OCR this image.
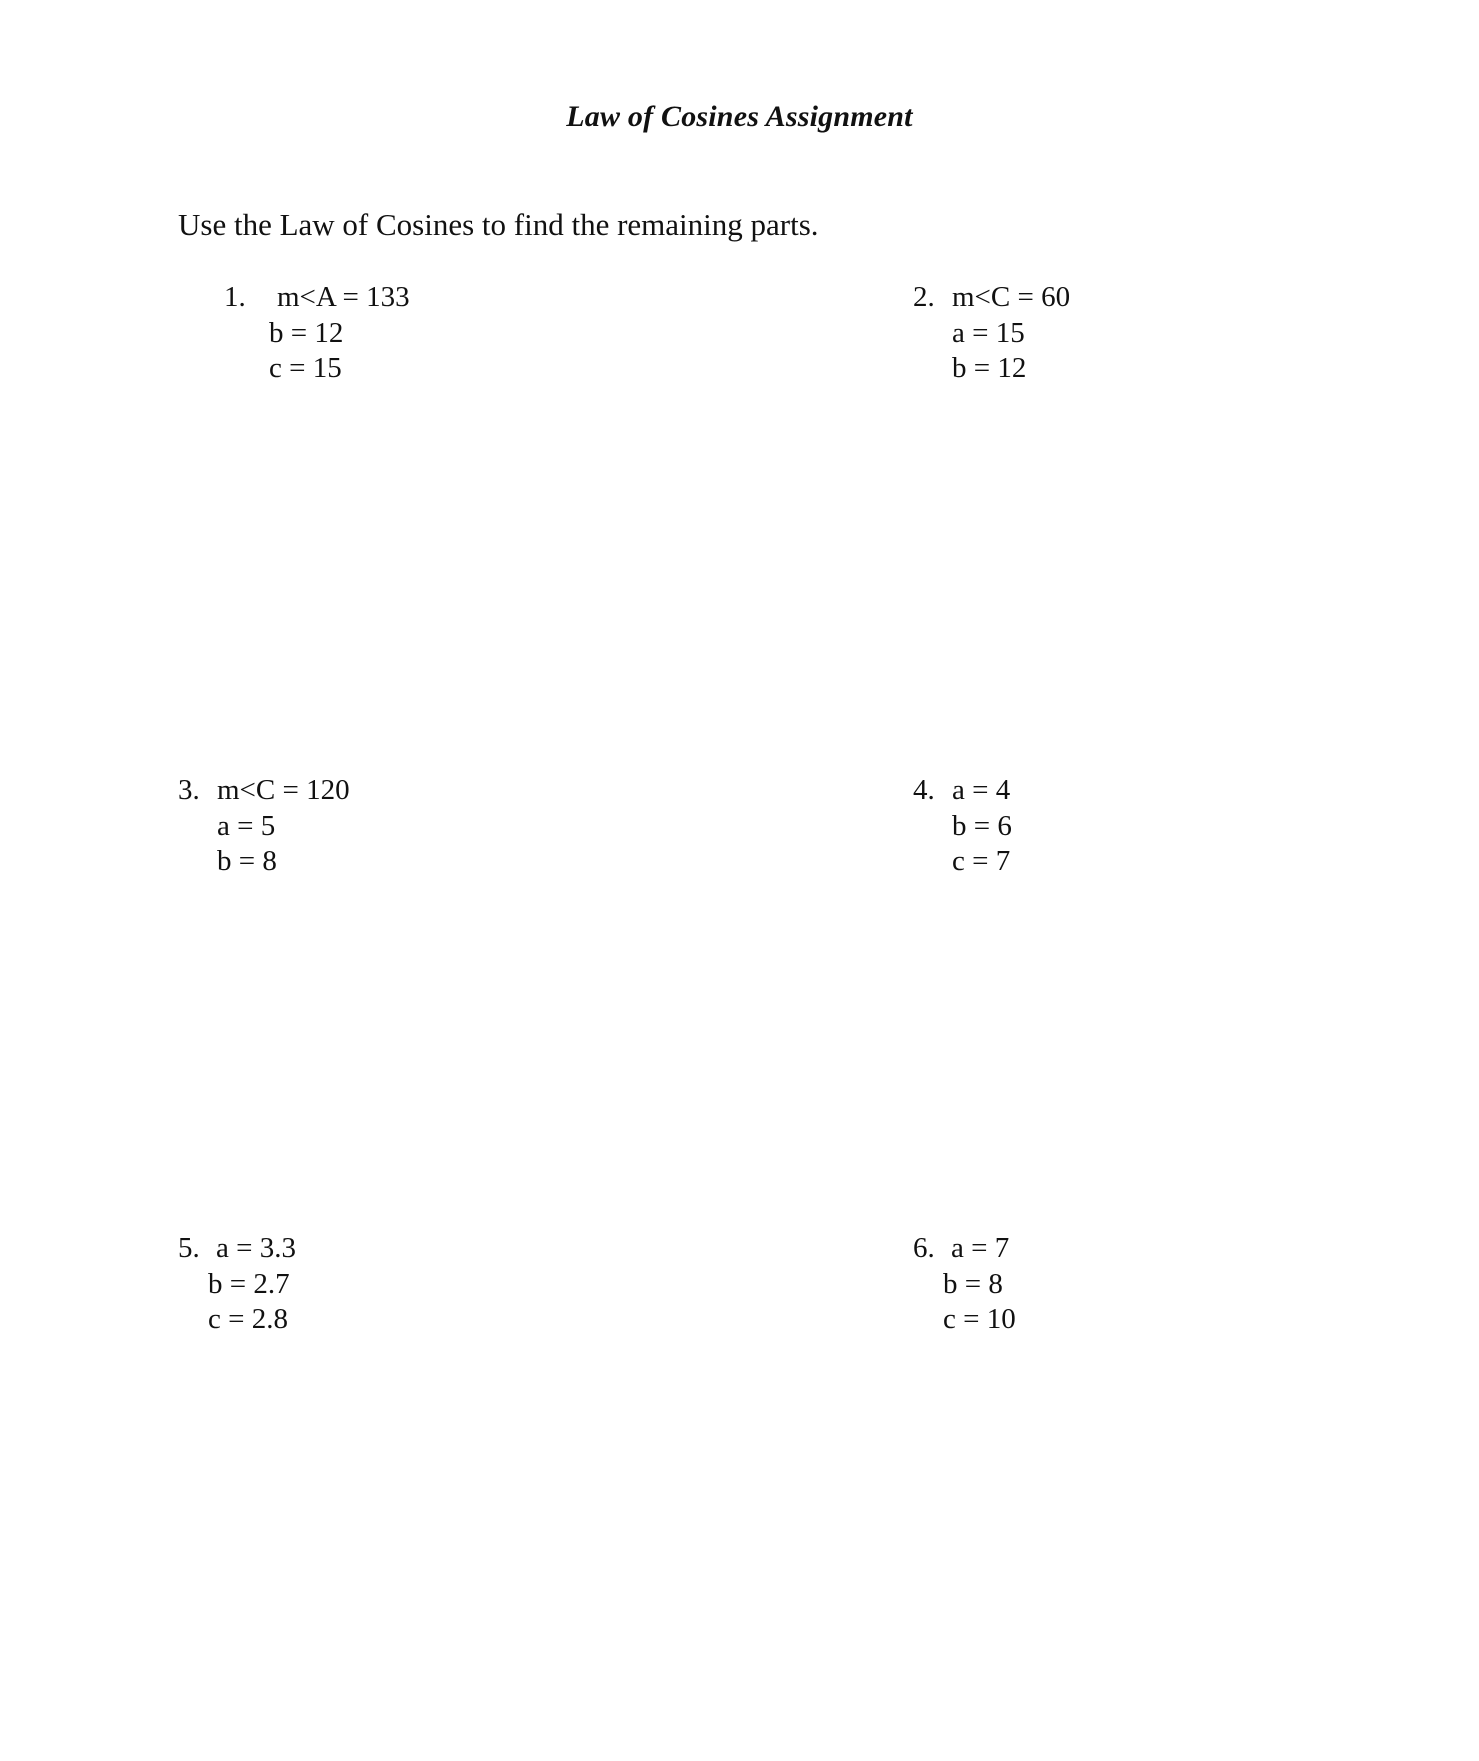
Law of Cosines Assignment
Use the Law of Cosines to find the remaining parts.
1. m<A = 133
b = 12
c = 15
2. m<C = 60
a = 15
b = 12
3. m<C = 120
a = 5
b = 8
4. a = 4
b = 6
c = 7
5. a = 3.3
b = 2.7
c = 2.8
6. a = 7
b = 8
c = 10
